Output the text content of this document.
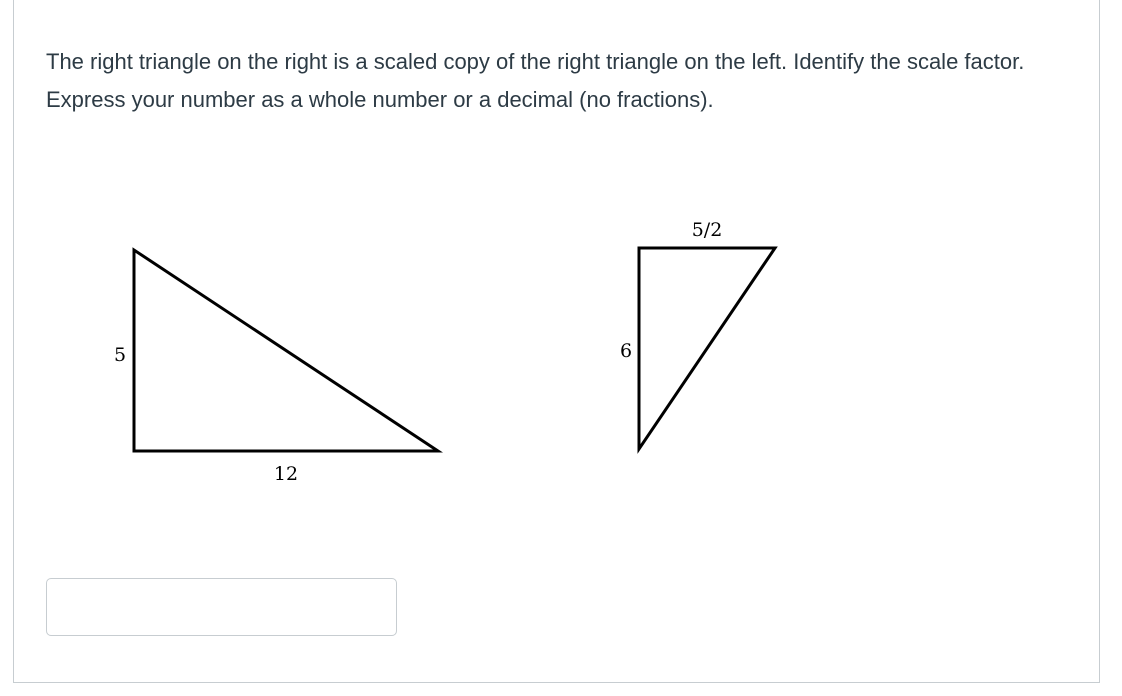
The right triangle on the right is a scaled copy of the right triangle on the left. Identify the scale factor. Express your number as a whole number or a decimal (no fractions).

5
12
5/2
6
